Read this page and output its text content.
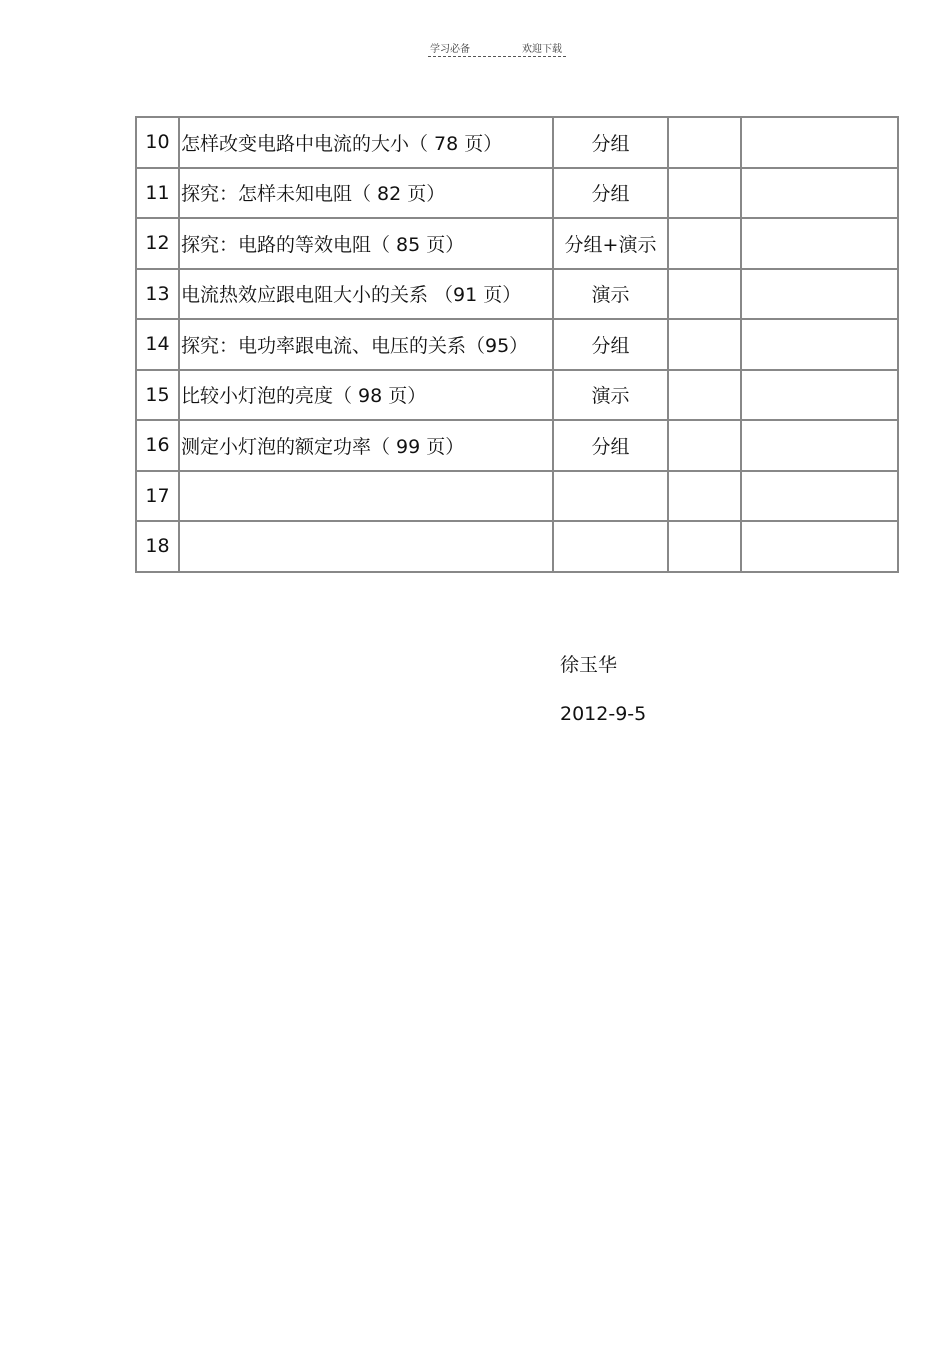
学习必备	欢迎下载
10	怎样改变电路中电流的大小（ 78 页）	分组		
11	探究：怎样未知电阻（ 82 页）	分组		
12	探究：电路的等效电阻（ 85 页）	分组+演示		
13	电流热效应跟电阻大小的关系 （91 页）	演示		
14	探究：电功率跟电流、电压的关系（95）	分组		
15	比较小灯泡的亮度（ 98 页）	演示		
16	测定小灯泡的额定功率（ 99 页）	分组		
17				
18				
徐玉华
2012-9-5
